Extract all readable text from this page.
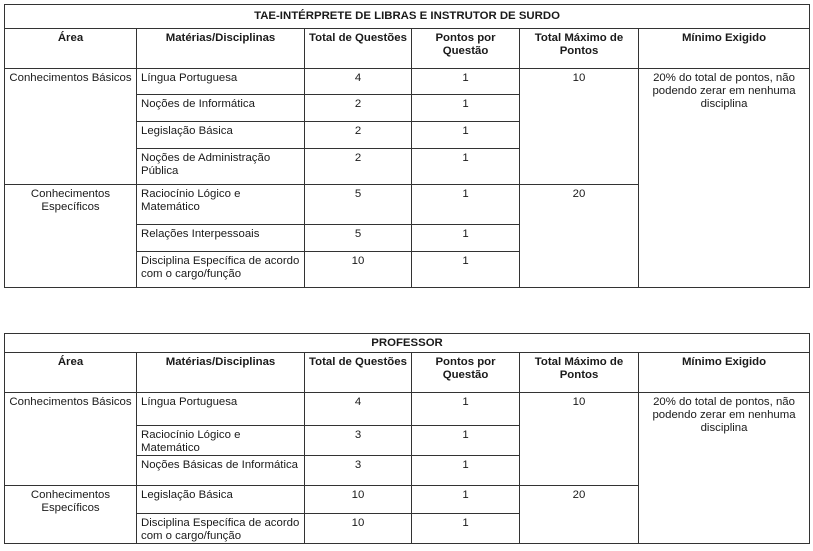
TAE-INTÉRPRETE DE LIBRAS E INSTRUTOR DE SURDO					
Área	Matérias/Disciplinas	Total de Questões	Pontos por Questão	Total Máximo de Pontos	Mínimo Exigido
Conhecimentos Básicos	Língua Portuguesa	4	1	10	20% do total de pontos, não podendo zerar em nenhuma disciplina
	Noções de Informática	2	1		
	Legislação Básica	2	1		
	Noções de Administração Pública	2	1		
Conhecimentos Específicos	Raciocínio Lógico e Matemático	5	1	20	
	Relações Interpessoais	5	1		
	Disciplina Específica de acordo com o cargo/função	10	1		
PROFESSOR					
Área	Matérias/Disciplinas	Total de Questões	Pontos por Questão	Total Máximo de Pontos	Mínimo Exigido
Conhecimentos Básicos	Língua Portuguesa	4	1	10	20% do total de pontos, não podendo zerar em nenhuma disciplina
	Raciocínio Lógico e Matemático	3	1		
	Noções Básicas de Informática	3	1		
Conhecimentos Específicos	Legislação Básica	10	1	20	
	Disciplina Específica de acordo com o cargo/função	10	1		
